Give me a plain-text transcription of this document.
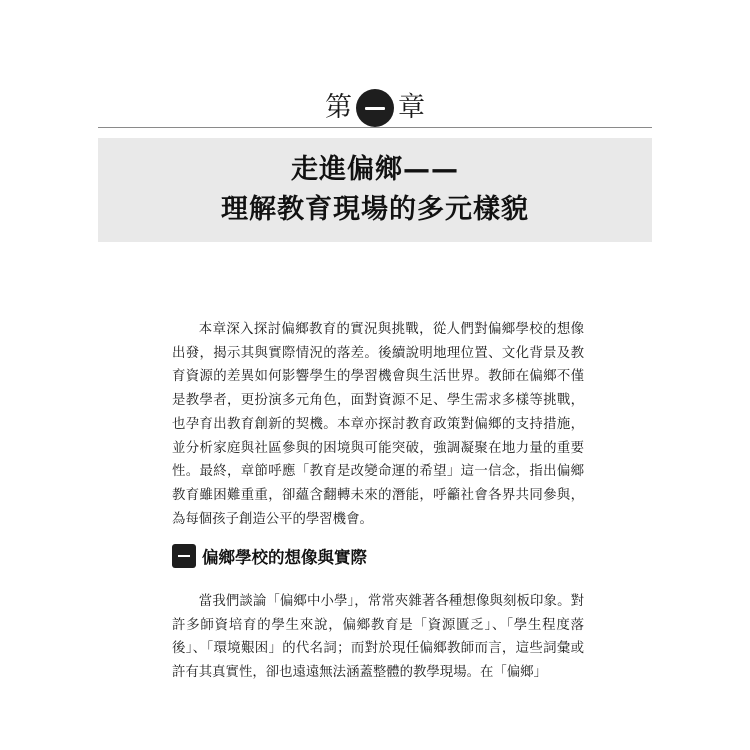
第 章
走進偏鄉——
理解教育現場的多元樣貌

本章深入探討偏鄉教育的實況與挑戰，從人們對偏鄉學校的想像出發，揭示其與實際情況的落差。後續說明地理位置、文化背景及教育資源的差異如何影響學生的學習機會與生活世界。教師在偏鄉不僅是教學者，更扮演多元角色，面對資源不足、學生需求多樣等挑戰，也孕育出教育創新的契機。本章亦探討教育政策對偏鄉的支持措施，並分析家庭與社區參與的困境與可能突破，強調凝聚在地力量的重要性。最終，章節呼應「教育是改變命運的希望」這一信念，指出偏鄉教育雖困難重重，卻蘊含翻轉未來的潛能，呼籲社會各界共同參與，為每個孩子創造公平的學習機會。

偏鄉學校的想像與實際

當我們談論「偏鄉中小學」，常常夾雜著各種想像與刻板印象。對許多師資培育的學生來說，偏鄉教育是「資源匱乏」、「學生程度落後」、「環境艱困」的代名詞；而對於現任偏鄉教師而言，這些詞彙或許有其真實性，卻也遠遠無法涵蓋整體的教學現場。在「偏鄉」
